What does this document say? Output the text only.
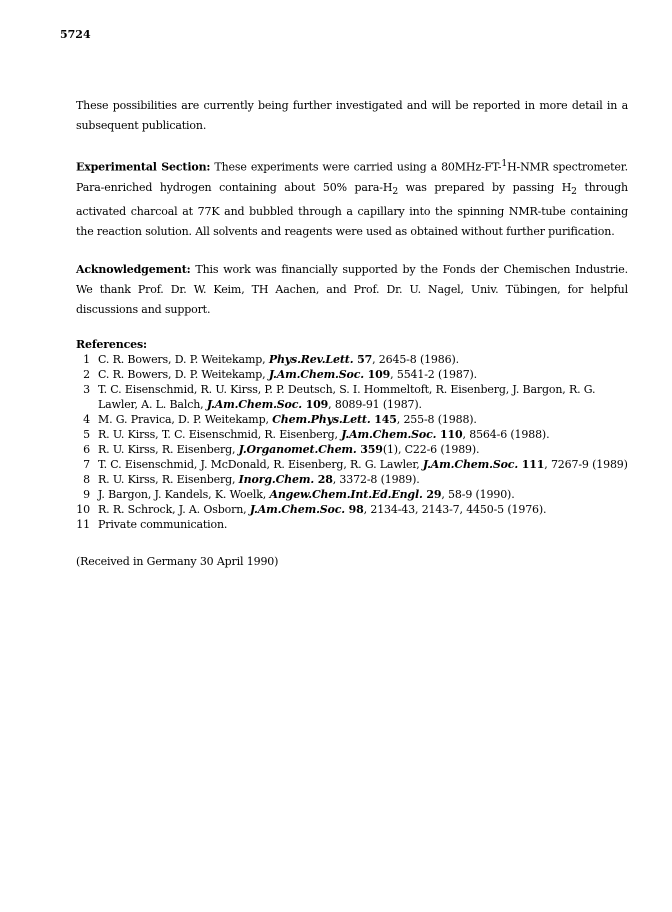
5724

These possibilities are currently being further investigated and will be reported in more detail in a subsequent publication.

Experimental Section: These experiments were carried using a 80MHz-FT-$^1$H-NMR spectrometer. Para-enriched hydrogen containing about 50% para-$H_2$ was prepared by passing $H_2$ through activated charcoal at 77K and bubbled through a capillary into the spinning NMR-tube containing the reaction solution. All solvents and reagents were used as obtained without further purification.

Acknowledgement: This work was financially supported by the Fonds der Chemischen Industrie. We thank Prof. Dr. W. Keim, TH Aachen, and Prof. Dr. U. Nagel, Univ. Tübingen, for helpful discussions and support.

References:
1 C. R. Bowers, D. P. Weitekamp, Phys.Rev.Lett. 57, 2645-8 (1986).
2 C. R. Bowers, D. P. Weitekamp, J.Am.Chem.Soc. 109, 5541-2 (1987).
3 T. C. Eisenschmid, R. U. Kirss, P. P. Deutsch, S. I. Hommeltoft, R. Eisenberg, J. Bargon, R. G. Lawler, A. L. Balch, J.Am.Chem.Soc. 109, 8089-91 (1987).
4 M. G. Pravica, D. P. Weitekamp, Chem.Phys.Lett. 145, 255-8 (1988).
5 R. U. Kirss, T. C. Eisenschmid, R. Eisenberg, J.Am.Chem.Soc. 110, 8564-6 (1988).
6 R. U. Kirss, R. Eisenberg, J.Organomet.Chem. 359(1), C22-6 (1989).
7 T. C. Eisenschmid, J. McDonald, R. Eisenberg, R. G. Lawler, J.Am.Chem.Soc. 111, 7267-9 (1989)
8 R. U. Kirss, R. Eisenberg, Inorg.Chem. 28, 3372-8 (1989).
9 J. Bargon, J. Kandels, K. Woelk, Angew.Chem.Int.Ed.Engl. 29, 58-9 (1990).
10 R. R. Schrock, J. A. Osborn, J.Am.Chem.Soc. 98, 2134-43, 2143-7, 4450-5 (1976).
11 Private communication.
(Received in Germany 30 April 1990)
